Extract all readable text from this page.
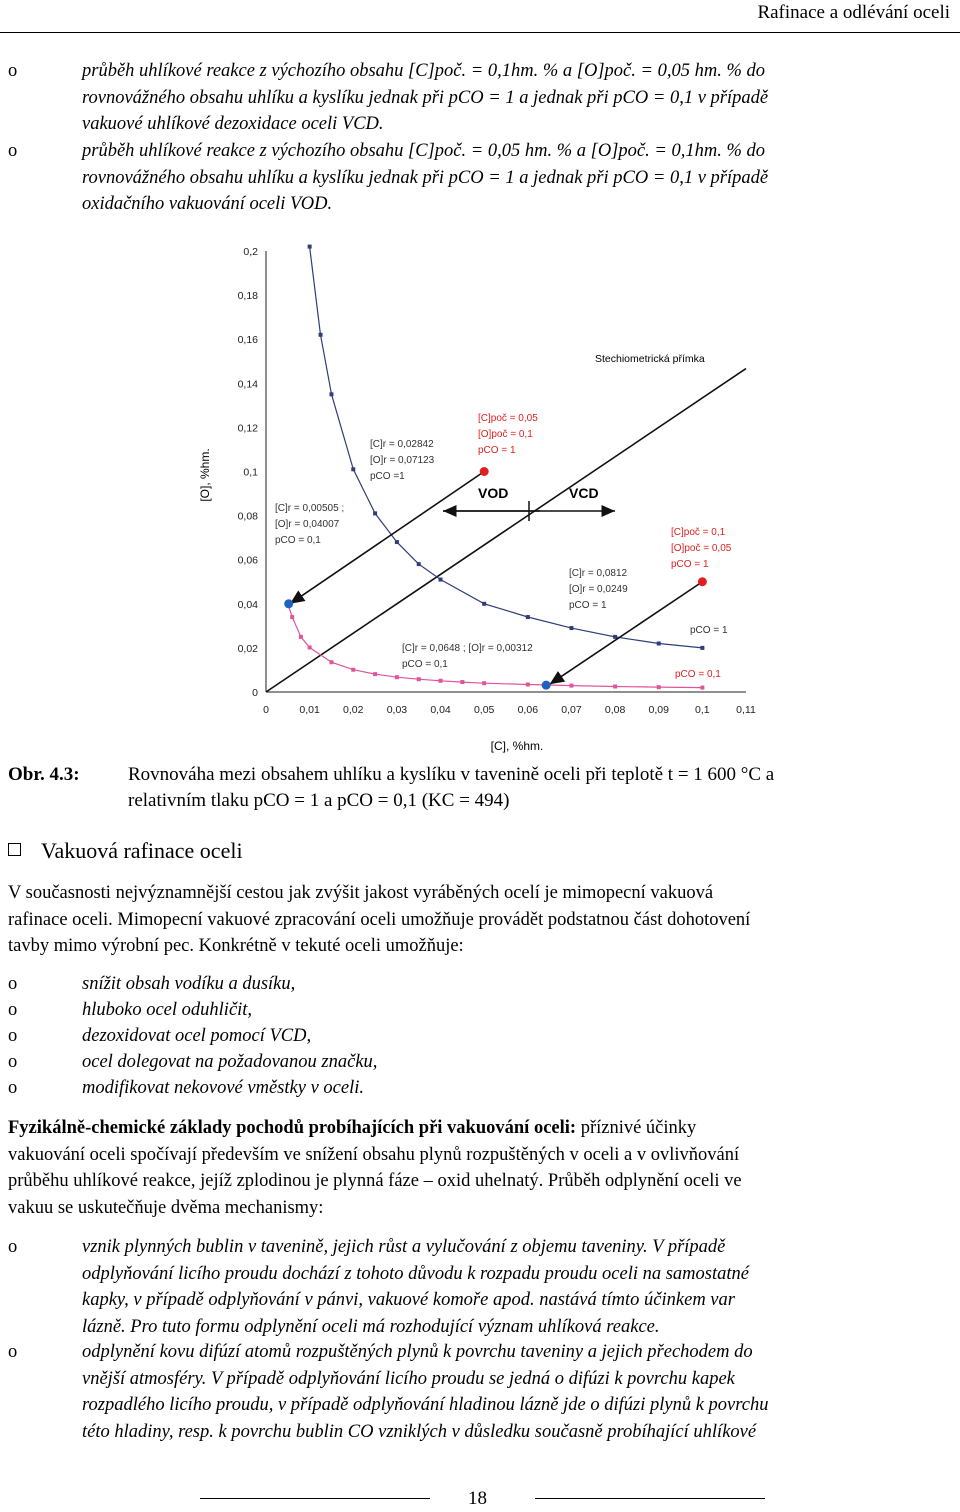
Rafinace a odlévání oceli
o	průběh uhlíkové reakce z výchozího obsahu [C]poč. = 0,1hm. % a [O]poč. = 0,05 hm. % do
rovnovážného obsahu uhlíku a kyslíku jednak při pCO = 1 a jednak při pCO = 0,1 v případě
vakuové uhlíkové dezoxidace oceli VCD.
o	průběh uhlíkové reakce z výchozího obsahu [C]poč. = 0,05 hm. % a [O]poč. = 0,1hm. % do
rovnovážného obsahu uhlíku a kyslíku jednak při pCO = 1 a jednak při pCO = 0,1 v případě
oxidačního vakuování oceli VOD.
[O], %hm.
[C], %hm.
Stechiometrická přímka
VOD	VCD
0	0,01 0,02 0,03 0,04 0,05 0,06 0,07 0,08 0,09 0,1	0,11
0
0,02
0,04
0,06
0,08
0,1
0,12
0,14
0,16
0,18
0,2
[C]poč = 0,05
[O]poč = 0,1
pCO = 1
[C]r = 0,02842
[O]r = 0,07123
pCO =1
[C]r = 0,00505 ;
[O]r = 0,04007
pCO = 0,1
[C]poč = 0,1
[O]poč = 0,05
pCO = 1
[C]r = 0,0812
[O]r = 0,0249
pCO = 1
[C]r = 0,0648 ; [O]r = 0,00312
pCO = 0,1
pCO = 1
pCO = 0,1
Obr. 4.3:	Rovnováha mezi obsahem uhlíku a kyslíku v tavenině oceli při teplotě t = 1 600 °C a
relativním tlaku pCO = 1 a pCO = 0,1 (KC = 494)
Vakuová rafinace oceli
V současnosti nejvýznamnější cestou jak zvýšit jakost vyráběných ocelí je mimopecní vakuová
rafinace oceli. Mimopecní vakuové zpracování oceli umožňuje provádět podstatnou část dohotovení
tavby mimo výrobní pec. Konkrétně v tekuté oceli umožňuje:
o	snížit obsah vodíku a dusíku,
o	hluboko ocel oduhličit,
o	dezoxidovat ocel pomocí VCD,
o	ocel dolegovat na požadovanou značku,
o	modifikovat nekovové vměstky v oceli.
Fyzikálně-chemické základy pochodů probíhajících při vakuování oceli: příznivé účinky
vakuování oceli spočívají především ve snížení obsahu plynů rozpuštěných v oceli a v ovlivňování
průběhu uhlíkové reakce, jejíž zplodinou je plynná fáze – oxid uhelnatý. Průběh odplynění oceli ve
vakuu se uskutečňuje dvěma mechanismy:
o	vznik plynných bublin v tavenině, jejich růst a vylučování z objemu taveniny. V případě
odplyňování licího proudu dochází z tohoto důvodu k rozpadu proudu oceli na samostatné
kapky, v případě odplyňování v pánvi, vakuové komoře apod. nastává tímto účinkem var
lázně. Pro tuto formu odplynění oceli má rozhodující význam uhlíková reakce.
o	odplynění kovu difúzí atomů rozpuštěných plynů k povrchu taveniny a jejich přechodem do
vnější atmosféry. V případě odplyňování licího proudu se jedná o difúzi k povrchu kapek
rozpadlého licího proudu, v případě odplyňování hladinou lázně jde o difúzi plynů k povrchu
této hladiny, resp. k povrchu bublin CO vzniklých v důsledku současně probíhající uhlíkové
18
